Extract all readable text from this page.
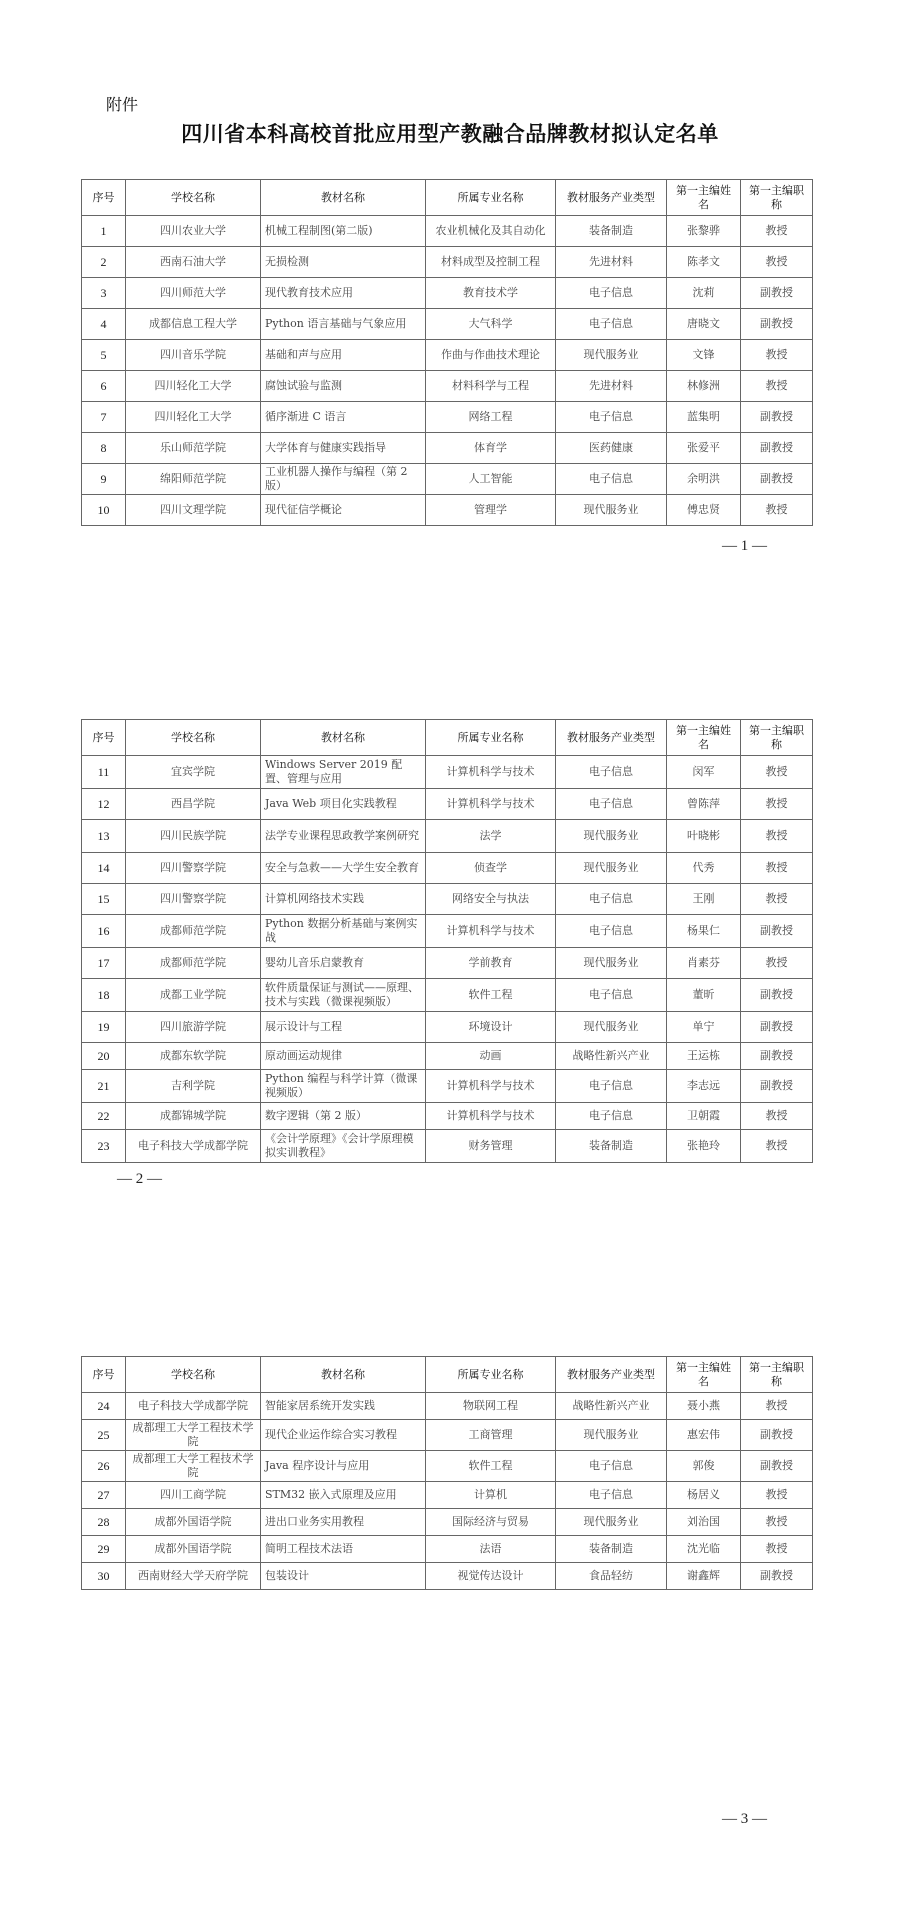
附件
四川省本科高校首批应用型产教融合品牌教材拟认定名单
序号	学校名称	教材名称	所属专业名称	教材服务产业类型	第一主编姓名	第一主编职称
1	四川农业大学	机械工程制图(第二版)	农业机械化及其自动化	装备制造	张黎骅	教授
2	西南石油大学	无损检测	材料成型及控制工程	先进材料	陈孝文	教授
3	四川师范大学	现代教育技术应用	教育技术学	电子信息	沈莉	副教授
4	成都信息工程大学	Python 语言基础与气象应用	大气科学	电子信息	唐晓文	副教授
5	四川音乐学院	基础和声与应用	作曲与作曲技术理论	现代服务业	文锋	教授
6	四川轻化工大学	腐蚀试验与监测	材料科学与工程	先进材料	林修洲	教授
7	四川轻化工大学	循序渐进 C 语言	网络工程	电子信息	蓝集明	副教授
8	乐山师范学院	大学体育与健康实践指导	体育学	医药健康	张爱平	副教授
9	绵阳师范学院	工业机器人操作与编程（第 2 版）	人工智能	电子信息	余明洪	副教授
10	四川文理学院	现代征信学概论	管理学	现代服务业	傅忠贤	教授
— 1 —
序号	学校名称	教材名称	所属专业名称	教材服务产业类型	第一主编姓名	第一主编职称
11	宜宾学院	Windows Server 2019 配置、管理与应用	计算机科学与技术	电子信息	闵军	教授
12	西昌学院	Java Web 项目化实践教程	计算机科学与技术	电子信息	曾陈萍	教授
13	四川民族学院	法学专业课程思政教学案例研究	法学	现代服务业	叶晓彬	教授
14	四川警察学院	安全与急救——大学生安全教育	侦查学	现代服务业	代秀	教授
15	四川警察学院	计算机网络技术实践	网络安全与执法	电子信息	王刚	教授
16	成都师范学院	Python 数据分析基础与案例实战	计算机科学与技术	电子信息	杨果仁	副教授
17	成都师范学院	婴幼儿音乐启蒙教育	学前教育	现代服务业	肖素芬	教授
18	成都工业学院	软件质量保证与测试——原理、技术与实践（微课视频版）	软件工程	电子信息	董昕	副教授
19	四川旅游学院	展示设计与工程	环境设计	现代服务业	单宁	副教授
20	成都东软学院	原动画运动规律	动画	战略性新兴产业	王运栋	副教授
21	吉利学院	Python 编程与科学计算（微课视频版）	计算机科学与技术	电子信息	李志远	副教授
22	成都锦城学院	数字逻辑（第 2 版）	计算机科学与技术	电子信息	卫朝霞	教授
23	电子科技大学成都学院	《会计学原理》《会计学原理模拟实训教程》	财务管理	装备制造	张艳玲	教授
— 2 —
序号	学校名称	教材名称	所属专业名称	教材服务产业类型	第一主编姓名	第一主编职称
24	电子科技大学成都学院	智能家居系统开发实践	物联网工程	战略性新兴产业	聂小燕	教授
25	成都理工大学工程技术学院	现代企业运作综合实习教程	工商管理	现代服务业	惠宏伟	副教授
26	成都理工大学工程技术学院	Java 程序设计与应用	软件工程	电子信息	郭俊	副教授
27	四川工商学院	STM32 嵌入式原理及应用	计算机	电子信息	杨居义	教授
28	成都外国语学院	进出口业务实用教程	国际经济与贸易	现代服务业	刘治国	教授
29	成都外国语学院	简明工程技术法语	法语	装备制造	沈光临	教授
30	西南财经大学天府学院	包装设计	视觉传达设计	食品轻纺	谢鑫辉	副教授
— 3 —
